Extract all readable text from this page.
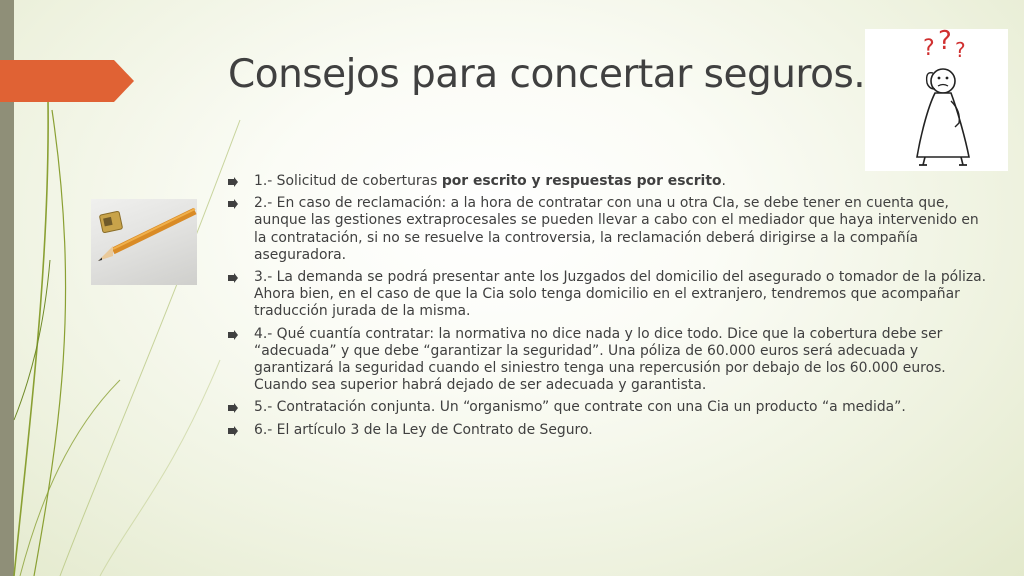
Consejos para concertar seguros.
? ? ?
1.- Solicitud de coberturas por escrito y respuestas por escrito.
2.- En caso de reclamación: a la hora de contratar con una u otra CIa, se debe tener en cuenta que, aunque las gestiones extraprocesales se pueden llevar a cabo con el mediador que haya intervenido en la contratación, si no se resuelve la controversia, la reclamación deberá dirigirse a la compañía aseguradora.
3.- La demanda se podrá presentar ante los Juzgados del domicilio del asegurado o tomador de la póliza. Ahora bien, en el caso de que la Cia solo tenga domicilio en el extranjero, tendremos que acompañar traducción jurada de la misma.
4.- Qué cuantía contratar: la normativa no dice nada y lo dice todo. Dice que la cobertura debe ser “adecuada” y que debe “garantizar la seguridad”. Una póliza de 60.000 euros será adecuada y garantizará la seguridad cuando el siniestro tenga una repercusión por debajo de los 60.000 euros. Cuando sea superior habrá dejado de ser adecuada y garantista.
5.- Contratación conjunta. Un “organismo” que contrate con una Cia un producto “a medida”.
6.- El artículo 3 de la Ley de Contrato de Seguro.
